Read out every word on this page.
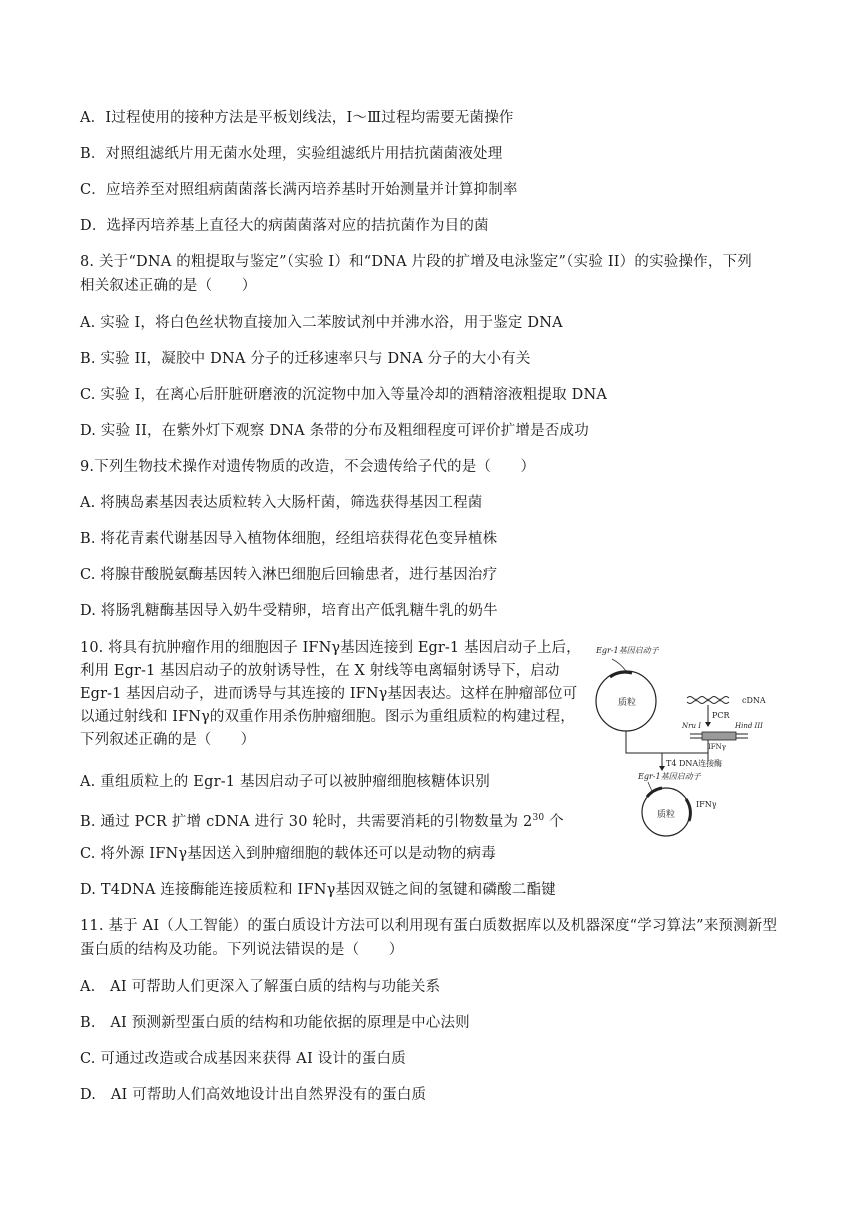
A．Ⅰ过程使用的接种方法是平板划线法，Ⅰ～Ⅲ过程均需要无菌操作
B．对照组滤纸片用无菌水处理，实验组滤纸片用拮抗菌菌液处理
C．应培养至对照组病菌菌落长满丙培养基时开始测量并计算抑制率
D．选择丙培养基上直径大的病菌菌落对应的拮抗菌作为目的菌
8. 关于“DNA 的粗提取与鉴定”（实验 I）和“DNA 片段的扩增及电泳鉴定”（实验 II）的实验操作，下列
相关叙述正确的是（　　）
A. 实验 I，将白色丝状物直接加入二苯胺试剂中并沸水浴，用于鉴定 DNA
B. 实验 II，凝胶中 DNA 分子的迁移速率只与 DNA 分子的大小有关
C. 实验 I，在离心后肝脏研磨液的沉淀物中加入等量冷却的酒精溶液粗提取 DNA
D. 实验 II，在紫外灯下观察 DNA 条带的分布及粗细程度可评价扩增是否成功
9.下列生物技术操作对遗传物质的改造，不会遗传给子代的是（　　）
A. 将胰岛素基因表达质粒转入大肠杆菌，筛选获得基因工程菌
B. 将花青素代谢基因导入植物体细胞，经组培获得花色变异植株
C. 将腺苷酸脱氨酶基因转入淋巴细胞后回输患者，进行基因治疗
D. 将肠乳糖酶基因导入奶牛受精卵，培育出产低乳糖牛乳的奶牛
10. 将具有抗肿瘤作用的细胞因子 IFNγ基因连接到 Egr-1 基因启动子上后，
利用 Egr-1 基因启动子的放射诱导性，在 X 射线等电离辐射诱导下，启动
Egr-1 基因启动子，进而诱导与其连接的 IFNγ基因表达。这样在肿瘤部位可
以通过射线和 IFNγ的双重作用杀伤肿瘤细胞。图示为重组质粒的构建过程，
下列叙述正确的是（　　）
Egr-1基因启动子
质粒	cDNA
PCR
Nru I	Hind III
IFNγ
T4 DNA连接酶
Egr-1基因启动子
质粒
IFNγ
A. 重组质粒上的 Egr-1 基因启动子可以被肿瘤细胞核糖体识别
B. 通过 PCR 扩增 cDNA 进行 30 轮时，共需要消耗的引物数量为 $2^{30}$ 个
C. 将外源 IFNγ基因送入到肿瘤细胞的载体还可以是动物的病毒
D. T4DNA 连接酶能连接质粒和 IFNγ基因双链之间的氢键和磷酸二酯键
11. 基于 AI（人工智能）的蛋白质设计方法可以利用现有蛋白质数据库以及机器深度“学习算法”来预测新型
蛋白质的结构及功能。下列说法错误的是（　　）
A.　AI 可帮助人们更深入了解蛋白质的结构与功能关系
B.　AI 预测新型蛋白质的结构和功能依据的原理是中心法则
C. 可通过改造或合成基因来获得 AI 设计的蛋白质
D.　AI 可帮助人们高效地设计出自然界没有的蛋白质
